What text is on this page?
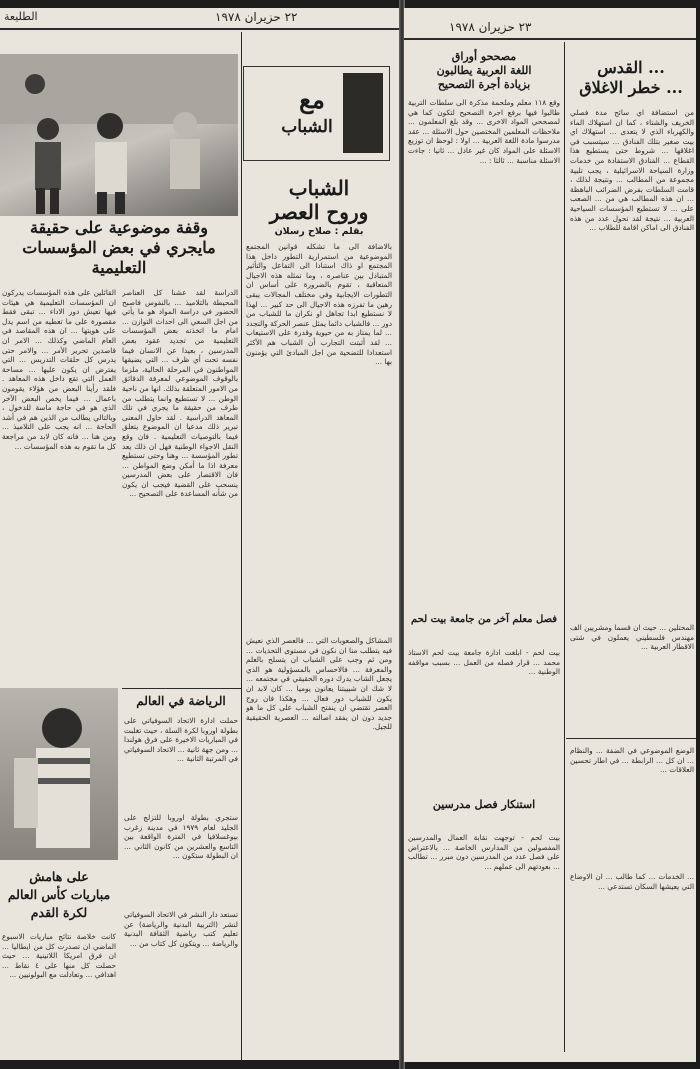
٢٢ حزيران ١٩٧٨
الطليعة
مع
الشباب
وقفة موضوعية على حقيقة
مايجري في بعض المؤسسات
التعليمية
الدراسة لقد عشنا كل العناصر المحيطة بالتلاميذ ... بالنفوس فاصبح الحضور في دراسة المواد هو ما يأتي من اجل السعي الى احداث التوازن ... امام ما اتخذته بعض المؤسسات التعليمية من تجديد عقود بعض المدرسين ، بعيدا عن الانسان فيما نفسه تحت أي ظرف ... التي يضيقها المواطنون في المرحلة الحالية، ملزما بالوقوف الموضوعي لمعرفة الدقائق من الامور المتعلقة بذلك. انها من ناحية الوطن ... لا تستطيع وانما يتطلب من طرف من حقيقة ما يجري في تلك المعاهد الدراسية . لقد حاول المعنى تبرير ذلك مدعيا ان الموضوع يتعلق فيما بالتوصيات التعليمية . فان وقع النقل الاجواء الوطنية فهل ان ذلك يعد تطور المؤسسة ... وهنا وحتى تستطيع معرفة اذا ما أمكن وضع المواطن ... فان الاقتصار على بعض المدرسين ينسحب على القضية فيجب ان يكون من شأنه المساعدة على التصحيح ...
القائلين على هذه المؤسسات يدركون ان المؤسسات التعليمية هي هيئات فيها تعيش دور الاداء ... تبقى فقط مقصورة على ما تعطيه من اسم يدل على هويتها ... ان هذه المقاصد في العام الماضي وكذلك ... الامر ان قاصدين تحرير الأمر ... والامر حتى يدرس كل حلقات التدريس ... التي يفترض ان يكون عليها ... مساحة العمل التي تقع داخل هذه المعاهد . فلقد رأينا البعض من هؤلاء يقومون باعمال ... فيما يخص البعض الآخر الذي هو في حاجة ماسة للدخول ، وبالتالي يطالب من الذين هم في أشد الحاجة ... انه يجب على التلاميذ ... ومن هنا ... فانه كان لابد من مراجعة كل ما تقوم به هذه المؤسسات ...
الشباب
وروح العصر
بقلم : صلاح رسلان
بالاضافة الى ما تشكله قوانين المجتمع الموضوعية من استمرارية التطور داخل هذا المجتمع او ذاك استنادا الى التفاعل والتأثير المتبادل بين عناصره ، وما تمثله هذه الاجيال المتعاقبة ، تقوم بالضرورة على أساس ان التطورات الايجابية وفي مختلف المجالات يبقى رهين ما تفرزه هذه الاجيال الى حد كبير ... لهذا لا نستطيع ابدا تجاهل او نكران ما للشباب من دور ... فالشباب دائما يمثل عنصر الحركة والتجدد ... لما يمتاز به من حيوية وقدرة على الاستيعاب ... لقد أثبتت التجارب أن الشباب هم الأكثر استعدادا للتضحية من اجل المبادئ التي يؤمنون بها ...
المشاكل والصعوبات التي ... فالعصر الذي نعيش فيه يتطلب منا ان نكون في مستوى التحديات ... ومن ثم وجب على الشباب ان يتسلح بالعلم والمعرفة ... فالاحساس بالمسؤولية هو الذي يجعل الشاب يدرك دوره الحقيقي في مجتمعه ... لا شك ان شبيبتنا يعانون يوميا ... كان لابد ان يكون للشباب دور فعال ... وهكذا فان روح العصر تقتضي ان ينفتح الشباب على كل ما هو جديد دون ان يفقد اصالته ... العصرية الحقيقية للجيل.
الرياضة في العالم
حملت ادارة الاتحاد السوفياتي على بطولة اوروبا لكرة السلة ، حيث تغلبت في المباريات الاخيرة على فرق هولندا ... ومن جهة ثانية ... الاتحاد السوفياتي في المرتبة الثانية ...
ستجري بطولة اوروبا للتزلج على الجليد لعام ١٩٧٩ في مدينة زغرب بيوغسلافيا في الفترة الواقعة بين التاسع والعشرين من كانون الثاني ... ان البطولة ستكون ...
تستعد دار النشر في الاتحاد السوفياتي لنشر (التربية البدنية والرياضة) عن تعليم كتب رياضية الثقافة البدنية والرياضة ... ويتكون كل كتاب من ...
على هامش
مباريات كأس العالم
لكرة القدم
كانت خلاصة نتائج مباريات الاسبوع الماضي ان تصدرت كل من ايطاليا ... ان فرق امريكا اللاتينية ... حيث حصلت كل منها على ٤ نقاط ... اهدافي ... وتعادلت مع البولونيين ...
٢٣ حزيران ١٩٧٨
مصححو أوراق
اللغة العربية يطالبون
بزيادة أجرة التصحيح
وقع ١١٨ معلم وملحمة مذكرة الى سلطات التربية طالبوا فيها برفع اجرة التصحيح لتكون كما هي لمصححي المواد الاخرى ... وقد بلغ المعلمون ... ملاحظات المعلمين المختصين حول الاسئلة ... عقد مدرسوا مادة اللغة العربية ... اولا : لوحظ ان توزيع الاسئلة على المواد كان غير عادل ... ثانيا : جاءت الاسئلة مناسبة ... ثالثا : ...
فصل معلم آخر من جامعة بيت لحم
بيت لحم - ابلغت ادارة جامعة بيت لحم الاستاذ محمد ... قرار فصله من العمل ... بسبب مواقفه الوطنية ...
استنكار فصل مدرسين
بيت لحم - توجهت نقابة العمال والمدرسين المفصولين من المدارس الخاصة ... بالاعتراض على فصل عدد من المدرسين دون مبرر ... تطالب ... بعودتهم الى عملهم ...
... القدس
... خطر الاغلاق
من استضافة اي سائح مدة فصلي الخريف والشتاء ، كما ان استهلاك الماء والكهرباء الذي لا يتعدى ... استهلاك اي بيت صغير بتلك الفنادق ... سيتسبب في اغلاقها ... شروط حتى يستطيع هذا القطاع ... الفنادق الاستفادة من خدمات وزارة السياحة الاسرائيلية ، يجب تلبية مجموعة من المطالب ... ونتيجة لذلك ، قامت السلطات بفرض الضرائب الباهظة ... ان هذه المطالب هي من ... الصعب على ... لا تستطيع المؤسسات السياحية العربية ... نتيجة لقد تحول عدد من هذه الفنادق الى اماكن اقامة للطلاب ...
المحتلين ... حيث ان قسما ومشريين الف مهندس فلسطيني يعملون في شتى الاقطار العربية ...
الوضع الموضوعي في الضفة ... والنظام ... ان كل ... الرابطة ... في اطار تحسين العلاقات ...
... الخدمات ... كما طالب ... ان الاوضاع التي يعيشها السكان تستدعي ...
